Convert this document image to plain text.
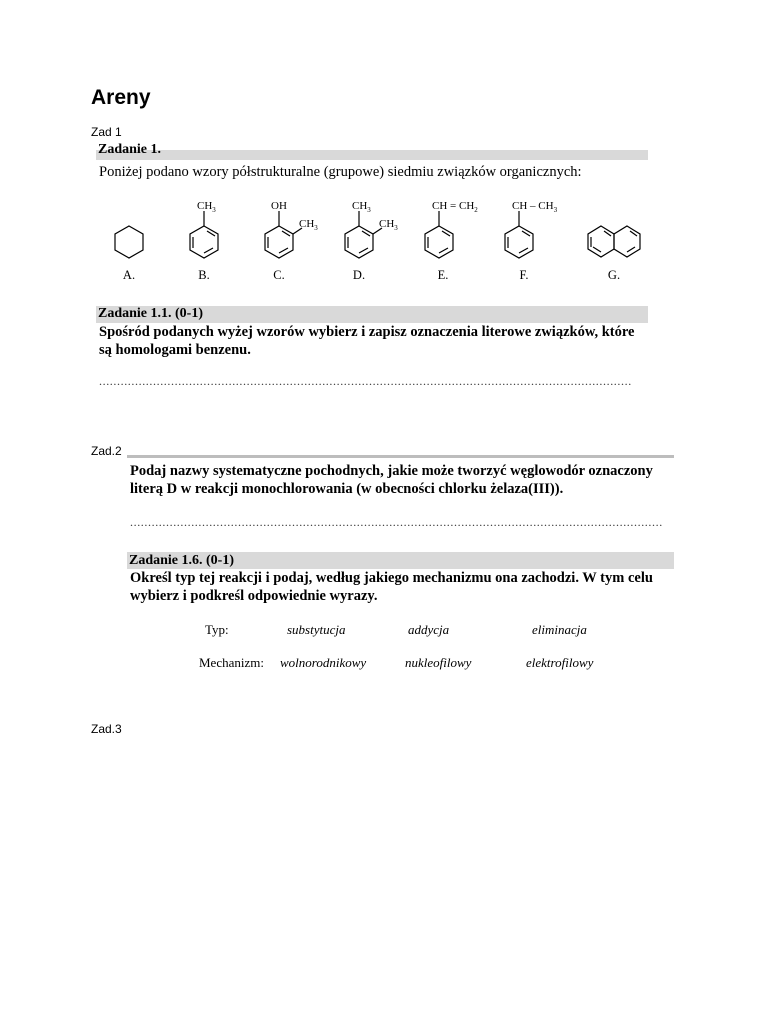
Areny
Zad 1
Zadanie 1.
Poniżej podano wzory półstrukturalne (grupowe) siedmiu związków organicznych:
$CH_3$	OH
$CH_3$
$CH_3$
$CH_3$
CH = $CH_2$	CH – $CH_3$
A.	B.	C.	D.	E.	F.	G.
Zadanie 1.1. (0-1)
Spośród podanych wyżej wzorów wybierz i zapisz oznaczenia literowe związków, które
są homologami benzenu.
....................................................................................................................................................
Zad.2
Podaj nazwy systematyczne pochodnych, jakie może tworzyć węglowodór oznaczony
literą D w reakcji monochlorowania (w obecności chlorku żelaza(III)).
....................................................................................................................................................
Zadanie 1.6. (0-1)
Określ typ tej reakcji i podaj, według jakiego mechanizmu ona zachodzi. W tym celu
wybierz i podkreśl odpowiednie wyrazy.
Typ:	substytucja	addycja	eliminacja
Mechanizm: wolnorodnikowy	nukleofilowy	elektrofilowy
Zad.3
